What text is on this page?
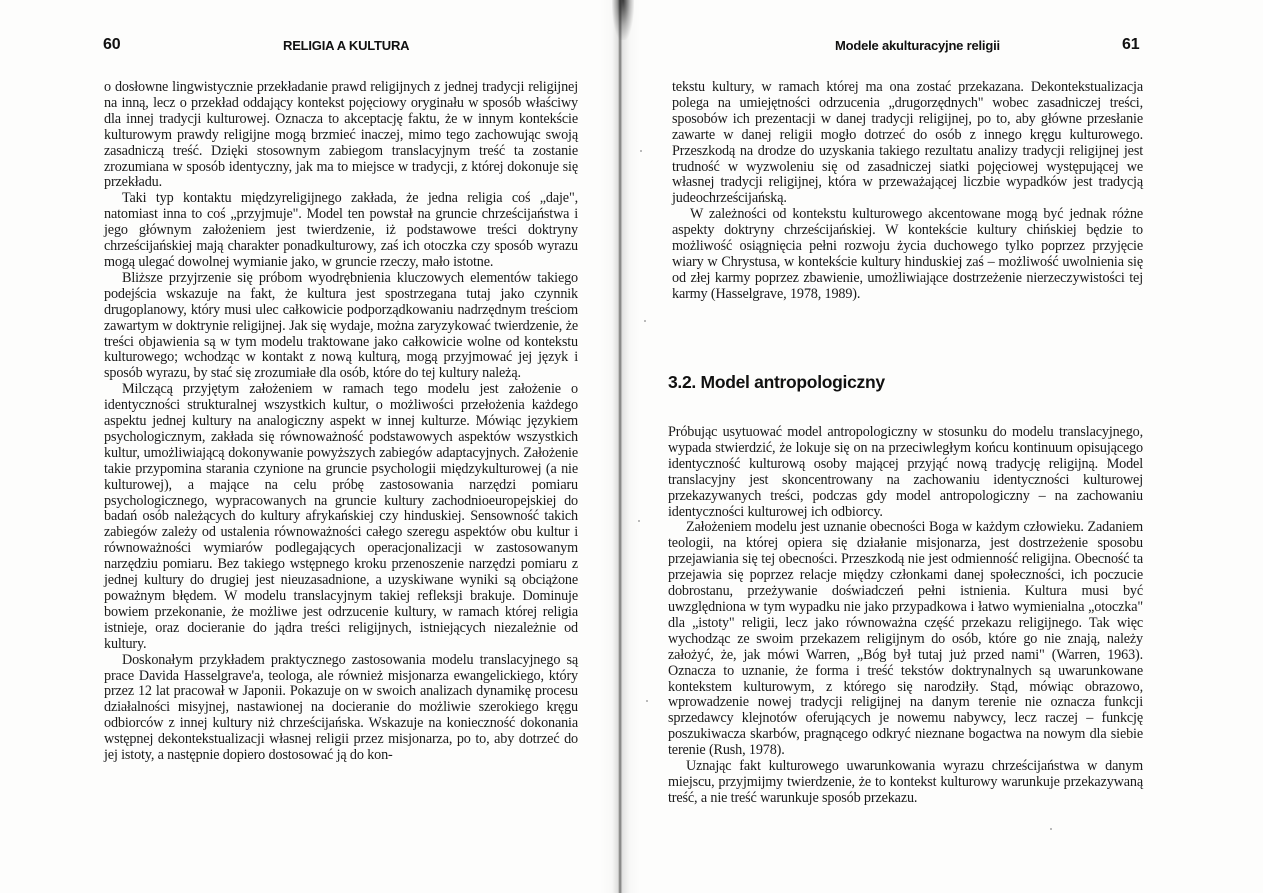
60	RELIGIA A KULTURA	Modele akulturacyjne religii	61

o dosłowne lingwistycznie przekładanie prawd religijnych z jednej tradycji religijnej na inną, lecz o przekład oddający kontekst pojęciowy oryginału w sposób właściwy dla innej tradycji kulturowej. Oznacza to akceptację faktu, że w innym kontekście kulturowym prawdy religijne mogą brzmieć inaczej, mimo tego zachowując swoją zasadniczą treść. Dzięki stosownym zabiegom translacyjnym treść ta zostanie zrozumiana w sposób identyczny, jak ma to miejsce w tradycji, z której dokonuje się przekładu.

Taki typ kontaktu międzyreligijnego zakłada, że jedna religia coś „daje", natomiast inna to coś „przyjmuje". Model ten powstał na gruncie chrześcijaństwa i jego głównym założeniem jest twierdzenie, iż podstawowe treści doktryny chrześcijańskiej mają charakter ponadkulturowy, zaś ich otoczka czy sposób wyrazu mogą ulegać dowolnej wymianie jako, w gruncie rzeczy, mało istotne.

Bliższe przyjrzenie się próbom wyodrębnienia kluczowych elementów takiego podejścia wskazuje na fakt, że kultura jest spostrzegana tutaj jako czynnik drugoplanowy, który musi ulec całkowicie podporządkowaniu nadrzędnym treściom zawartym w doktrynie religijnej. Jak się wydaje, można zaryzykować twierdzenie, że treści objawienia są w tym modelu traktowane jako całkowicie wolne od kontekstu kulturowego; wchodząc w kontakt z nową kulturą, mogą przyjmować jej język i sposób wyrazu, by stać się zrozumiałe dla osób, które do tej kultury należą.

Milczącą przyjętym założeniem w ramach tego modelu jest założenie o identyczności strukturalnej wszystkich kultur, o możliwości przełożenia każdego aspektu jednej kultury na analogiczny aspekt w innej kulturze. Mówiąc językiem psychologicznym, zakłada się równoważność podstawowych aspektów wszystkich kultur, umożliwiającą dokonywanie powyższych zabiegów adaptacyjnych. Założenie takie przypomina starania czynione na gruncie psychologii międzykulturowej (a nie kulturowej), a mające na celu próbę zastosowania narzędzi pomiaru psychologicznego, wypracowanych na gruncie kultury zachodnioeuropejskiej do badań osób należących do kultury afrykańskiej czy hinduskiej. Sensowność takich zabiegów zależy od ustalenia równoważności całego szeregu aspektów obu kultur i równoważności wymiarów podlegających operacjonalizacji w zastosowanym narzędziu pomiaru. Bez takiego wstępnego kroku przenoszenie narzędzi pomiaru z jednej kultury do drugiej jest nieuzasadnione, a uzyskiwane wyniki są obciążone poważnym błędem. W modelu translacyjnym takiej refleksji brakuje. Dominuje bowiem przekonanie, że możliwe jest odrzucenie kultury, w ramach której religia istnieje, oraz docieranie do jądra treści religijnych, istniejących niezależnie od kultury.

Doskonałym przykładem praktycznego zastosowania modelu translacyjnego są prace Davida Hasselgrave'a, teologa, ale również misjonarza ewangelickiego, który przez 12 lat pracował w Japonii. Pokazuje on w swoich analizach dynamikę procesu działalności misyjnej, nastawionej na docieranie do możliwie szerokiego kręgu odbiorców z innej kultury niż chrześcijańska. Wskazuje na konieczność dokonania wstępnej dekontekstualizacji własnej religii przez misjonarza, po to, aby dotrzeć do jej istoty, a następnie dopiero dostosować ją do kon-

tekstu kultury, w ramach której ma ona zostać przekazana. Dekontekstualizacja polega na umiejętności odrzucenia „drugorzędnych" wobec zasadniczej treści, sposobów ich prezentacji w danej tradycji religijnej, po to, aby główne przesłanie zawarte w danej religii mogło dotrzeć do osób z innego kręgu kulturowego. Przeszkodą na drodze do uzyskania takiego rezultatu analizy tradycji religijnej jest trudność w wyzwoleniu się od zasadniczej siatki pojęciowej występującej we własnej tradycji religijnej, która w przeważającej liczbie wypadków jest tradycją judeochrześcijańską.

W zależności od kontekstu kulturowego akcentowane mogą być jednak różne aspekty doktryny chrześcijańskiej. W kontekście kultury chińskiej będzie to możliwość osiągnięcia pełni rozwoju życia duchowego tylko poprzez przyjęcie wiary w Chrystusa, w kontekście kultury hinduskiej zaś – możliwość uwolnienia się od złej karmy poprzez zbawienie, umożliwiające dostrzeżenie nierzeczywistości tej karmy (Hasselgrave, 1978, 1989).

3.2. Model antropologiczny

Próbując usytuować model antropologiczny w stosunku do modelu translacyjnego, wypada stwierdzić, że lokuje się on na przeciwległym końcu kontinuum opisującego identyczność kulturową osoby mającej przyjąć nową tradycję religijną. Model translacyjny jest skoncentrowany na zachowaniu identyczności kulturowej przekazywanych treści, podczas gdy model antropologiczny – na zachowaniu identyczności kulturowej ich odbiorcy.

Założeniem modelu jest uznanie obecności Boga w każdym człowieku. Zadaniem teologii, na której opiera się działanie misjonarza, jest dostrzeżenie sposobu przejawiania się tej obecności. Przeszkodą nie jest odmienność religijna. Obecność ta przejawia się poprzez relacje między członkami danej społeczności, ich poczucie dobrostanu, przeżywanie doświadczeń pełni istnienia. Kultura musi być uwzględniona w tym wypadku nie jako przypadkowa i łatwo wymienialna „otoczka" dla „istoty" religii, lecz jako równoważna część przekazu religijnego. Tak więc wychodząc ze swoim przekazem religijnym do osób, które go nie znają, należy założyć, że, jak mówi Warren, „Bóg był tutaj już przed nami" (Warren, 1963). Oznacza to uznanie, że forma i treść tekstów doktrynalnych są uwarunkowane kontekstem kulturowym, z którego się narodziły. Stąd, mówiąc obrazowo, wprowadzenie nowej tradycji religijnej na danym terenie nie oznacza funkcji sprzedawcy klejnotów oferujących je nowemu nabywcy, lecz raczej – funkcję poszukiwacza skarbów, pragnącego odkryć nieznane bogactwa na nowym dla siebie terenie (Rush, 1978).

Uznając fakt kulturowego uwarunkowania wyrazu chrześcijaństwa w danym miejscu, przyjmijmy twierdzenie, że to kontekst kulturowy warunkuje przekazywaną treść, a nie treść warunkuje sposób przekazu.
